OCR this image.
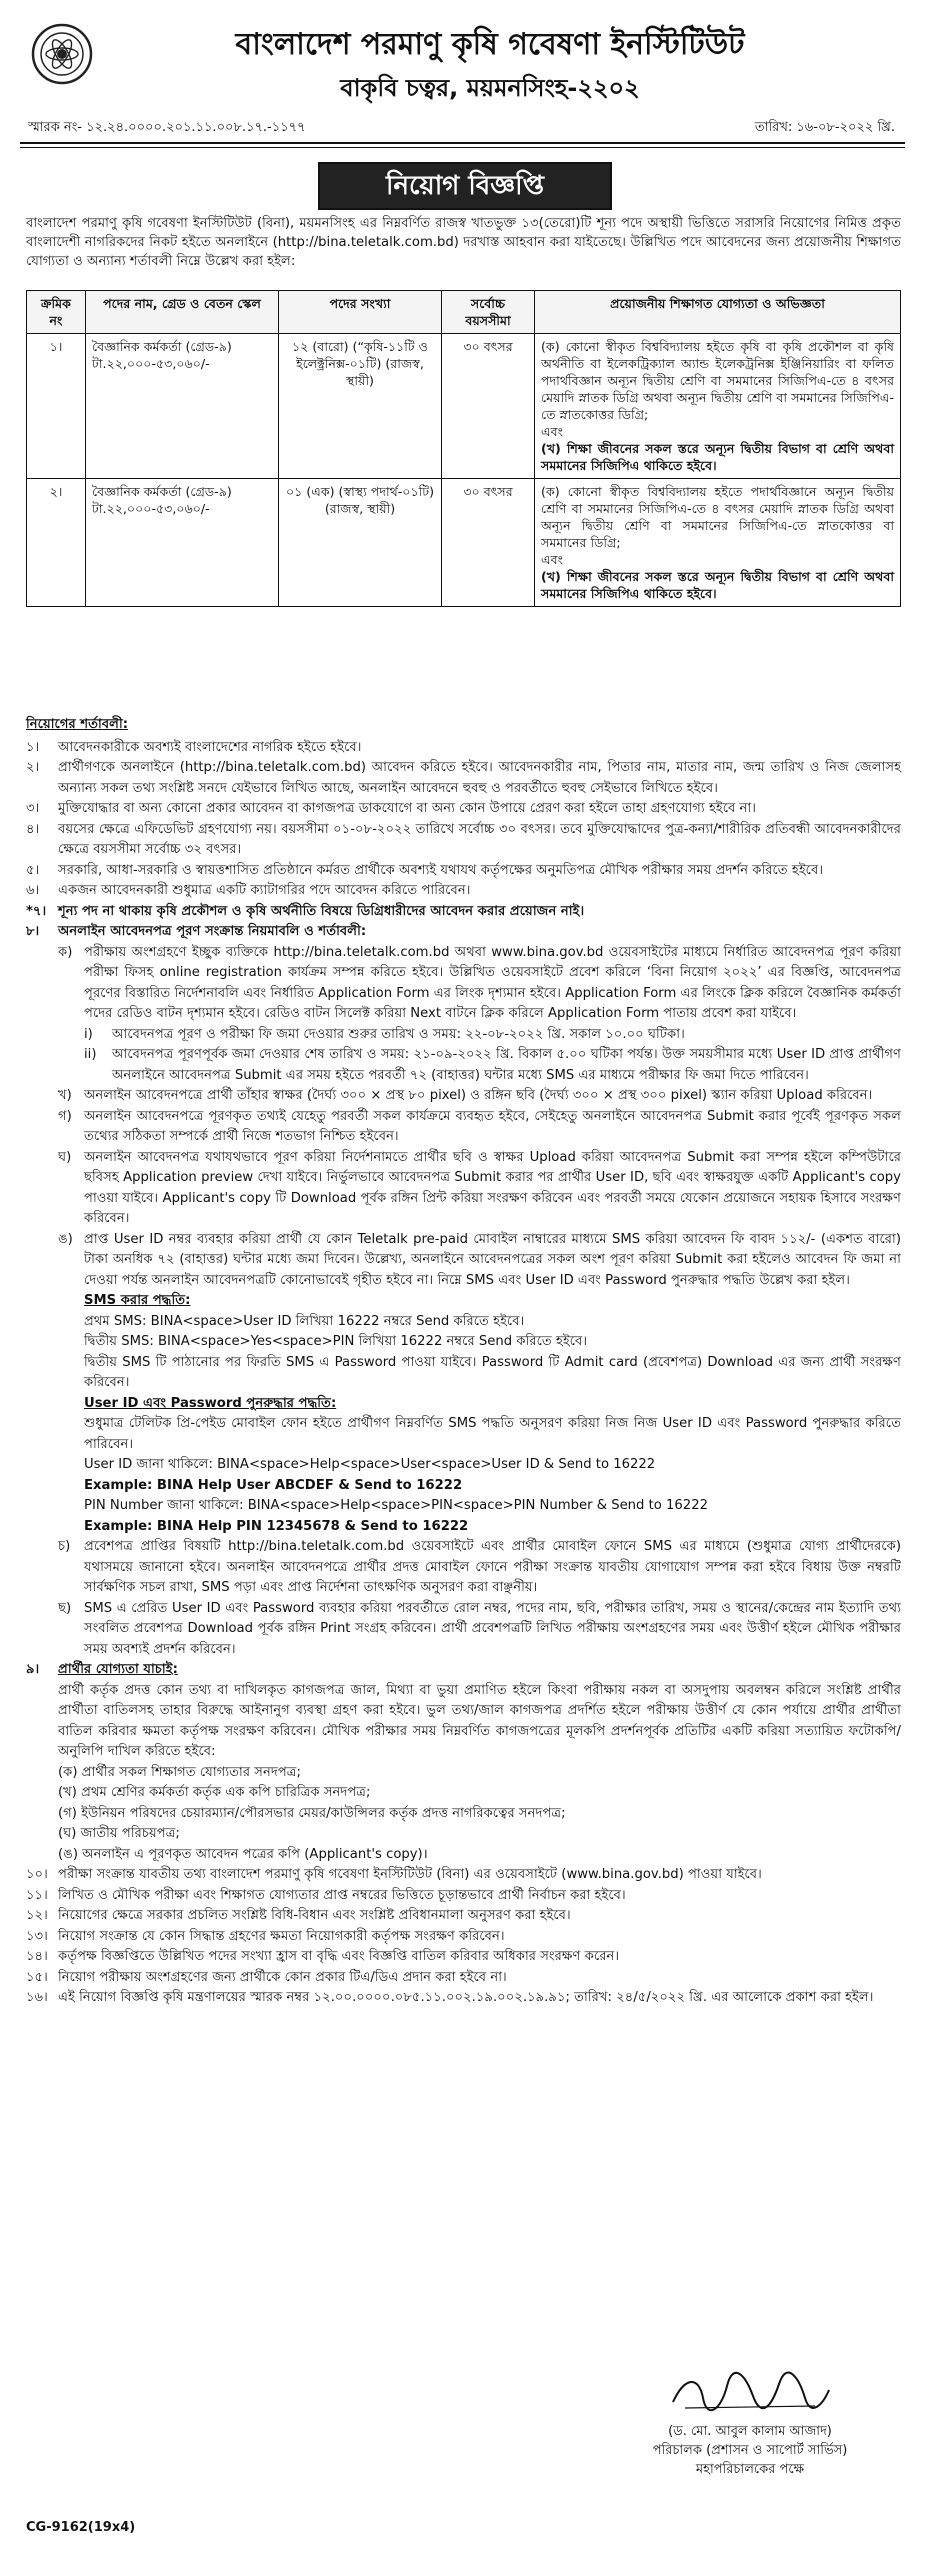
বাংলাদেশ পরমাণু কৃষি গবেষণা ইনস্টিটিউট
বাকৃবি চত্বর, ময়মনসিংহ-২২০২
স্মারক নং- ১২.২৪.০০০০.২০১.১১.০০৮.১৭.-১১৭৭	তারিখ: ১৬-০৮-২০২২ খ্রি.
নিয়োগ বিজ্ঞপ্তি
বাংলাদেশ পরমাণু কৃষি গবেষণা ইনস্টিটিউট (বিনা), ময়মনসিংহ এর নিম্নবর্ণিত রাজস্ব খাতভুক্ত ১৩(তেরো)টি শূন্য পদে অস্থায়ী ভিত্তিতে সরাসরি নিয়োগের নিমিত্ত প্রকৃত বাংলাদেশী নাগরিকদের নিকট হইতে অনলাইনে (http://bina.teletalk.com.bd) দরখাস্ত আহবান করা যাইতেছে। উল্লিখিত পদে আবেদনের জন্য প্রয়োজনীয় শিক্ষাগত যোগ্যতা ও অন্যান্য শর্তাবলী নিম্নে উল্লেখ করা হইল:
ক্রমিক নং	পদের নাম, গ্রেড ও বেতন স্কেল	পদের সংখ্যা	সর্বোচ্চ বয়সসীমা	প্রয়োজনীয় শিক্ষাগত যোগ্যতা ও অভিজ্ঞতা
১।	বৈজ্ঞানিক কর্মকর্তা (গ্রেড-৯) টা.২২,০০০-৫৩,০৬০/-	১২ (বারো) (“কৃষি-১১টি ও ইলেক্ট্রনিক্স-০১টি) (রাজস্ব, স্থায়ী)	৩০ বৎসর	(ক) কোনো স্বীকৃত বিশ্ববিদ্যালয় হইতে কৃষি বা কৃষি প্রকৌশল বা কৃষি অর্থনীতি বা ইলেকট্রিক্যাল অ্যান্ড ইলেকট্রনিক্স ইঞ্জিনিয়ারিং বা ফলিত পদার্থবিজ্ঞান অন্যূন দ্বিতীয় শ্রেণি বা সমমানের সিজিপিএ-তে ৪ বৎসর মেয়াদি স্নাতক ডিগ্রি অথবা অন্যূন দ্বিতীয় শ্রেণি বা সমমানের সিজিপিএ-তে স্নাতকোত্তর ডিগ্রি;
এবং
(খ) শিক্ষা জীবনের সকল স্তরে অন্যূন দ্বিতীয় বিভাগ বা শ্রেণি অথবা সমমানের সিজিপিএ থাকিতে হইবে।

২।	বৈজ্ঞানিক কর্মকর্তা (গ্রেড-৯) টা.২২,০০০-৫৩,০৬০/-	০১ (এক) (স্বাস্থ্য পদার্থ-০১টি) (রাজস্ব, স্থায়ী)	৩০ বৎসর	(ক) কোনো স্বীকৃত বিশ্ববিদ্যালয় হইতে পদার্থবিজ্ঞানে অন্যূন দ্বিতীয় শ্রেণি বা সমমানের সিজিপিএ-তে ৪ বৎসর মেয়াদি স্নাতক ডিগ্রি অথবা অন্যূন দ্বিতীয় শ্রেণি বা সমমানের সিজিপিএ-তে স্নাতকোত্তর বা সমমানের ডিগ্রি;
এবং
(খ) শিক্ষা জীবনের সকল স্তরে অন্যূন দ্বিতীয় বিভাগ বা শ্রেণি অথবা সমমানের সিজিপিএ থাকিতে হইবে।
নিয়োগের শর্তাবলী:
১।	আবেদনকারীকে অবশ্যই বাংলাদেশের নাগরিক হইতে হইবে।
২।	প্রার্থীগণকে অনলাইনে (http://bina.teletalk.com.bd) আবেদন করিতে হইবে। আবেদনকারীর নাম, পিতার নাম, মাতার নাম, জন্ম তারিখ ও নিজ জেলাসহ অন্যান্য সকল তথ্য সংশ্লিষ্ট সনদে যেইভাবে লিখিত আছে, অনলাইন আবেদনে হুবহু ও পরবর্তীতে হুবহু সেইভাবে লিখিতে হইবে।
৩।	মুক্তিযোদ্ধার বা অন্য কোনো প্রকার আবেদন বা কাগজপত্র ডাকযোগে বা অন্য কোন উপায়ে প্রেরণ করা হইলে তাহা গ্রহণযোগ্য হইবে না।
৪।	বয়সের ক্ষেত্রে এফিডেভিট গ্রহণযোগ্য নয়। বয়সসীমা ০১-০৮-২০২২ তারিখে সর্বোচ্চ ৩০ বৎসর। তবে মুক্তিযোদ্ধাদের পুত্র-কন্যা/শারীরিক প্রতিবন্ধী আবেদনকারীদের ক্ষেত্রে বয়সসীমা সর্বোচ্চ ৩২ বৎসর।
৫।	সরকারি, আধা-সরকারি ও স্বায়ত্তশাসিত প্রতিষ্ঠানে কর্মরত প্রার্থীকে অবশ্যই যথাযথ কর্তৃপক্ষের অনুমতিপত্র মৌখিক পরীক্ষার সময় প্রদর্শন করিতে হইবে।
৬।	একজন আবেদনকারী শুধুমাত্র একটি ক্যাটাগরির পদে আবেদন করিতে পারিবেন।
*৭। শূন্য পদ না থাকায় কৃষি প্রকৌশল ও কৃষি অর্থনীতি বিষয়ে ডিগ্রিধারীদের আবেদন করার প্রয়োজন নাই।
৮।	অনলাইন আবেদনপত্র পূরণ সংক্রান্ত নিয়মাবলি ও শর্তাবলী:
ক) পরীক্ষায় অংশগ্রহণে ইচ্ছুক ব্যক্তিকে http://bina.teletalk.com.bd অথবা www.bina.gov.bd ওয়েবসাইটের মাধ্যমে নির্ধারিত আবেদনপত্র পূরণ করিয়া পরীক্ষা ফিসহ online registration কার্যক্রম সম্পন্ন করিতে হইবে। উল্লিখিত ওয়েবসাইটে প্রবেশ করিলে ‘বিনা নিয়োগ ২০২২’ এর বিজ্ঞপ্তি, আবেদনপত্র পূরণের বিস্তারিত নির্দেশনাবলি এবং নির্ধারিত Application Form এর লিংক দৃশ্যমান হইবে। Application Form এর লিংকে ক্লিক করিলে বৈজ্ঞানিক কর্মকর্তা পদের রেডিও বাটন দৃশ্যমান হইবে। রেডিও বাটন সিলেক্ট করিয়া Next বাটনে ক্লিক করিলে Application Form পাতায় প্রবেশ করা যাইবে।
i)	আবেদনপত্র পূরণ ও পরীক্ষা ফি জমা দেওয়ার শুরুর তারিখ ও সময়: ২২-০৮-২০২২ খ্রি. সকাল ১০.০০ ঘটিকা।
ii)	আবেদনপত্র পূরণপূর্বক জমা দেওয়ার শেষ তারিখ ও সময়: ২১-০৯-২০২২ খ্রি. বিকাল ৫.০০ ঘটিকা পর্যন্ত। উক্ত সময়সীমার মধ্যে User ID প্রাপ্ত প্রার্থীগণ অনলাইনে আবেদনপত্র Submit এর সময় হইতে পরবর্তী ৭২ (বাহাত্তর) ঘন্টার মধ্যে SMS এর মাধ্যমে পরীক্ষার ফি জমা দিতে পারিবেন।
খ) অনলাইন আবেদনপত্রে প্রার্থী তাঁহার স্বাক্ষর (দৈর্ঘ্য ৩০০ × প্রস্থ ৮০ pixel) ও রঙ্গিন ছবি (দৈর্ঘ্য ৩০০ × প্রস্থ ৩০০ pixel) স্ক্যান করিয়া Upload করিবেন।
গ) অনলাইন আবেদনপত্রে পূরণকৃত তথ্যই যেহেতু পরবর্তী সকল কার্যক্রমে ব্যবহৃত হইবে, সেইহেতু অনলাইনে আবেদনপত্র Submit করার পূর্বেই পূরণকৃত সকল তথ্যের সঠিকতা সম্পর্কে প্রার্থী নিজে শতভাগ নিশ্চিত হইবেন।
ঘ) অনলাইন আবেদনপত্র যথাযথভাবে পূরণ করিয়া নির্দেশনামতে প্রার্থীর ছবি ও স্বাক্ষর Upload করিয়া আবেদনপত্র Submit করা সম্পন্ন হইলে কম্পিউটারে ছবিসহ Application preview দেখা যাইবে। নির্ভুলভাবে আবেদনপত্র Submit করার পর প্রার্থীর User ID, ছবি এবং স্বাক্ষরযুক্ত একটি Applicant's copy পাওয়া যাইবে। Applicant's copy টি Download পূর্বক রঙ্গিন প্রিন্ট করিয়া সংরক্ষণ করিবেন এবং পরবর্তী সময়ে যেকোন প্রয়োজনে সহায়ক হিসাবে সংরক্ষণ করিবেন।
ঙ) প্রাপ্ত User ID নম্বর ব্যবহার করিয়া প্রার্থী যে কোন Teletalk pre-paid মোবাইল নাম্বারের মাধ্যমে SMS করিয়া আবেদন ফি বাবদ ১১২/- (একশত বারো) টাকা অনধিক ৭২ (বাহাত্তর) ঘন্টার মধ্যে জমা দিবেন। উল্লেখ্য, অনলাইনে আবেদনপত্রের সকল অংশ পূরণ করিয়া Submit করা হইলেও আবেদন ফি জমা না দেওয়া পর্যন্ত অনলাইন আবেদনপত্রটি কোনোভাবেই গৃহীত হইবে না। নিম্নে SMS এবং User ID এবং Password পুনরুদ্ধার পদ্ধতি উল্লেখ করা হইল।
SMS করার পদ্ধতি:
প্রথম SMS: BINA<space>User ID লিখিয়া 16222 নম্বরে Send করিতে হইবে।
দ্বিতীয় SMS: BINA<space>Yes<space>PIN লিখিয়া 16222 নম্বরে Send করিতে হইবে।
দ্বিতীয় SMS টি পাঠানোর পর ফিরতি SMS এ Password পাওয়া যাইবে। Password টি Admit card (প্রবেশপত্র) Download এর জন্য প্রার্থী সংরক্ষণ করিবেন।
User ID এবং Password পুনরুদ্ধার পদ্ধতি:
শুধুমাত্র টেলিটক প্রি-পেইড মোবাইল ফোন হইতে প্রার্থীগণ নিম্নবর্ণিত SMS পদ্ধতি অনুসরণ করিয়া নিজ নিজ User ID এবং Password পুনরুদ্ধার করিতে পারিবেন।
User ID জানা থাকিলে: BINA<space>Help<space>User<space>User ID & Send to 16222
Example: BINA Help User ABCDEF & Send to 16222
PIN Number জানা থাকিলে: BINA<space>Help<space>PIN<space>PIN Number & Send to 16222
Example: BINA Help PIN 12345678 & Send to 16222
চ)	প্রবেশপত্র প্রাপ্তির বিষয়টি http://bina.teletalk.com.bd ওয়েবসাইটে এবং প্রার্থীর মোবাইল ফোনে SMS এর মাধ্যমে (শুধুমাত্র যোগ্য প্রার্থীদেরকে) যথাসময়ে জানানো হইবে। অনলাইন আবেদনপত্রে প্রার্থীর প্রদত্ত মোবাইল ফোনে পরীক্ষা সংক্রান্ত যাবতীয় যোগাযোগ সম্পন্ন করা হইবে বিধায় উক্ত নম্বরটি সার্বক্ষণিক সচল রাখা, SMS পড়া এবং প্রাপ্ত নির্দেশনা তাৎক্ষণিক অনুসরণ করা বাঞ্ছনীয়।
ছ) SMS এ প্রেরিত User ID এবং Password ব্যবহার করিয়া পরবর্তীতে রোল নম্বর, পদের নাম, ছবি, পরীক্ষার তারিখ, সময় ও স্থানের/কেন্দ্রের নাম ইত্যাদি তথ্য সংবলিত প্রবেশপত্র Download পূর্বক রঙ্গিন Print সংগ্রহ করিবেন। প্রার্থী প্রবেশপত্রটি লিখিত পরীক্ষায় অংশগ্রহণের সময় এবং উত্তীর্ণ হইলে মৌখিক পরীক্ষার সময় অবশ্যই প্রদর্শন করিবেন।
৯।	প্রার্থীর যোগ্যতা যাচাই:
প্রার্থী কর্তৃক প্রদত্ত কোন তথ্য বা দাখিলকৃত কাগজপত্র জাল, মিথ্যা বা ভুয়া প্রমাণিত হইলে কিংবা পরীক্ষায় নকল বা অসদুপায় অবলম্বন করিলে সংশ্লিষ্ট প্রার্থীর প্রার্থীতা বাতিলসহ তাহার বিরুদ্ধে আইনানুগ ব্যবস্থা গ্রহণ করা হইবে। ভুল তথ্য/জাল কাগজপত্র প্রদর্শিত হইলে পরীক্ষায় উত্তীর্ণ যে কোন পর্যায়ে প্রার্থীর প্রার্থীতা বাতিল করিবার ক্ষমতা কর্তৃপক্ষ সংরক্ষণ করিবেন। মৌখিক পরীক্ষার সময় নিম্নবর্ণিত কাগজপত্রের মূলকপি প্রদর্শনপূর্বক প্রতিটির একটি করিয়া সত্যায়িত ফটোকপি/অনুলিপি দাখিল করিতে হইবে:
(ক) প্রার্থীর সকল শিক্ষাগত যোগ্যতার সনদপত্র;
(খ) প্রথম শ্রেণির কর্মকর্তা কর্তৃক এক কপি চারিত্রিক সনদপত্র;
(গ) ইউনিয়ন পরিষদের চেয়ারম্যান/পৌরসভার মেয়র/কাউন্সিলর কর্তৃক প্রদত্ত নাগরিকত্বের সনদপত্র;
(ঘ) জাতীয় পরিচয়পত্র;
(ঙ) অনলাইন এ পূরণকৃত আবেদন পত্রের কপি (Applicant's copy)।
১০। পরীক্ষা সংক্রান্ত যাবতীয় তথ্য বাংলাদেশ পরমাণু কৃষি গবেষণা ইনস্টিটিউট (বিনা) এর ওয়েবসাইটে (www.bina.gov.bd) পাওয়া যাইবে।
১১। লিখিত ও মৌখিক পরীক্ষা এবং শিক্ষাগত যোগ্যতার প্রাপ্ত নম্বরের ভিত্তিতে চূড়ান্তভাবে প্রার্থী নির্বাচন করা হইবে।
১২। নিয়োগের ক্ষেত্রে সরকার প্রচলিত সংশ্লিষ্ট বিধি-বিধান এবং সংশ্লিষ্ট প্রবিধানমালা অনুসরণ করা হইবে।
১৩। নিয়োগ সংক্রান্ত যে কোন সিদ্ধান্ত গ্রহণের ক্ষমতা নিয়োগকারী কর্তৃপক্ষ সংরক্ষণ করিবেন।
১৪। কর্তৃপক্ষ বিজ্ঞপ্তিতে উল্লিখিত পদের সংখ্যা হ্রাস বা বৃদ্ধি এবং বিজ্ঞপ্তি বাতিল করিবার অধিকার সংরক্ষণ করেন।
১৫। নিয়োগ পরীক্ষায় অংশগ্রহণের জন্য প্রার্থীকে কোন প্রকার টিএ/ডিএ প্রদান করা হইবে না।
১৬। এই নিয়োগ বিজ্ঞপ্তি কৃষি মন্ত্রণালয়ের স্মারক নম্বর ১২.০০.০০০০.০৮৫.১১.০০২.১৯.০০২.১৯.৯১; তারিখ: ২৪/৫/২০২২ খ্রি. এর আলোকে প্রকাশ করা হইল।
(ড. মো. আবুল কালাম আজাদ)
পরিচালক (প্রশাসন ও সাপোর্ট সার্ভিস)
মহাপরিচালকের পক্ষে
CG-9162(19x4)
